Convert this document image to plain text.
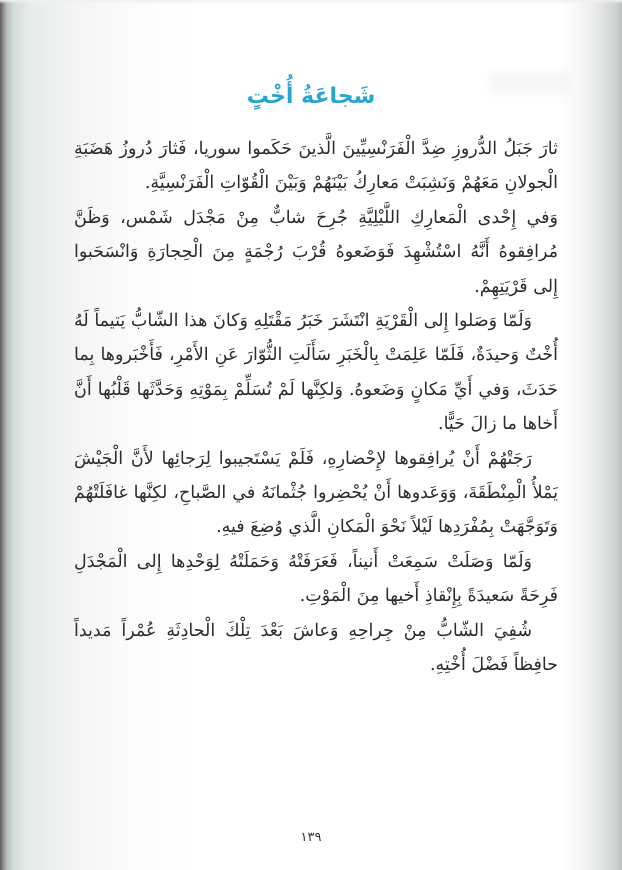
شَجاعَةُ أُخْتٍ

ثارَ جَبَلُ الدُّروزِ ضِدَّ الْفَرَنْسِيِّينَ الَّذينَ حَكَموا سوريا، فَثارَ دُروزُ هَضَبَةِ الْجولانِ مَعَهُمْ وَنَشِبَتْ مَعارِكُ بَيْنَهُمْ وَبَيْنَ الْقُوّاتِ الْفَرَنْسِيَّةِ.

وَفي إِحْدى الْمَعارِكِ اللَّيْلِيَّةِ جُرِحَ شابٌّ مِنْ مَجْدَل شَمْس، وَظَنَّ مُرافِقوهُ أَنَّهُ اسْتُشْهِدَ فَوَضَعوهُ قُرْبَ رُجْمَةٍ مِنَ الْحِجارَةِ وَانْسَحَبوا إِلى قَرْيَتِهِمْ.

وَلَمّا وَصَلوا إِلى الْقَرْيَةِ انْتَشَرَ خَبَرُ مَقْتَلِهِ وَكانَ هذا الشّابُّ يَتيماً لَهُ أُخْتٌ وَحيدَةٌ، فَلَمّا عَلِمَتْ بِالْخَبَرِ سَأَلَتِ الثُّوّارَ عَنِ الأَمْرِ، فَأَخْبَروها بِما حَدَثَ، وَفي أَيِّ مَكانٍ وَضَعوهُ. وَلكِنَّها لَمْ تُسَلِّمْ بِمَوْتِهِ وَحَدَّثَها قَلْبُها أَنَّ أَخاها ما زالَ حَيًّا.

رَجَتْهُمْ أَنْ يُرافِقوها لإِحْضارِهِ، فَلَمْ يَسْتَجيبوا لِرَجائِها لأَنَّ الْجَيْشَ يَمْلأُ الْمِنْطَقَةَ، وَوَعَدوها أَنْ يُحْضِروا جُثْمانَهُ في الصَّباحِ، لكِنَّها غافَلَتْهُمْ وَتَوَجَّهَتْ بِمُفْرَدِها لَيْلاً نَحْوَ الْمَكانِ الَّذي وُضِعَ فيهِ.

وَلَمّا وَصَلَتْ سَمِعَتْ أَنيناً، فَعَرَفَتْهُ وَحَمَلَتْهُ لِوَحْدِها إِلى الْمَجْدَلِ فَرِحَةً سَعيدَةً بِإِنْقاذِ أَخيها مِنَ الْمَوْتِ.

شُفِيَ الشّابُّ مِنْ جِراحِهِ وَعاشَ بَعْدَ تِلْكَ الْحادِثَةِ عُمْراً مَديداً حافِظاً فَضْلَ أُخْتِهِ.

١٣٩
